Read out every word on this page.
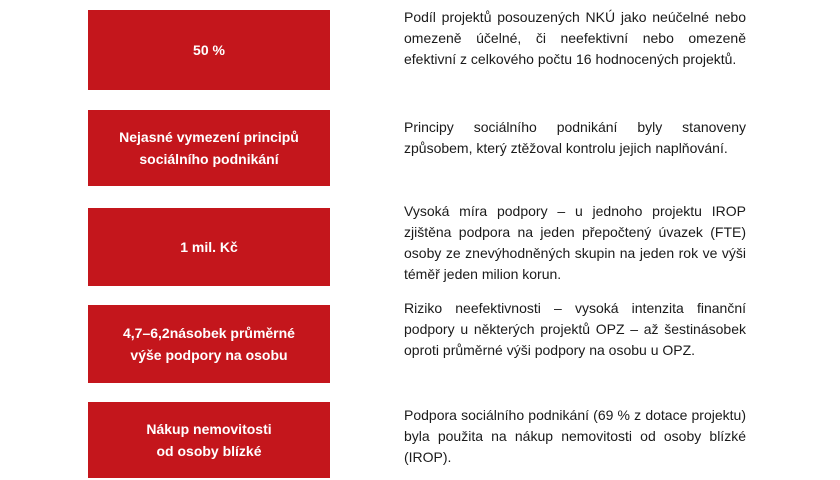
50 %

Podíl projektů posouzených NKÚ jako neúčelné nebo omezeně účelné, či neefektivní nebo omezeně efektivní z celkového počtu 16 hodnocených projektů.

Nejasné vymezení principů
sociálního podnikání

Principy sociálního podnikání byly stanoveny způsobem, který ztěžoval kontrolu jejich naplňování.

1 mil. Kč

Vysoká míra podpory – u jednoho projektu IROP zjištěna podpora na jeden přepočtený úvazek (FTE) osoby ze znevýhodněných skupin na jeden rok ve výši téměř jeden milion korun.

4,7–6,2násobek průměrné
výše podpory na osobu

Riziko neefektivnosti – vysoká intenzita finanční podpory u některých projektů OPZ – až šestinásobek oproti průměrné výši podpory na osobu u OPZ.

Nákup nemovitosti
od osoby blízké

Podpora sociálního podnikání (69 % z dotace projektu) byla použita na nákup nemovitosti od osoby blízké (IROP).
